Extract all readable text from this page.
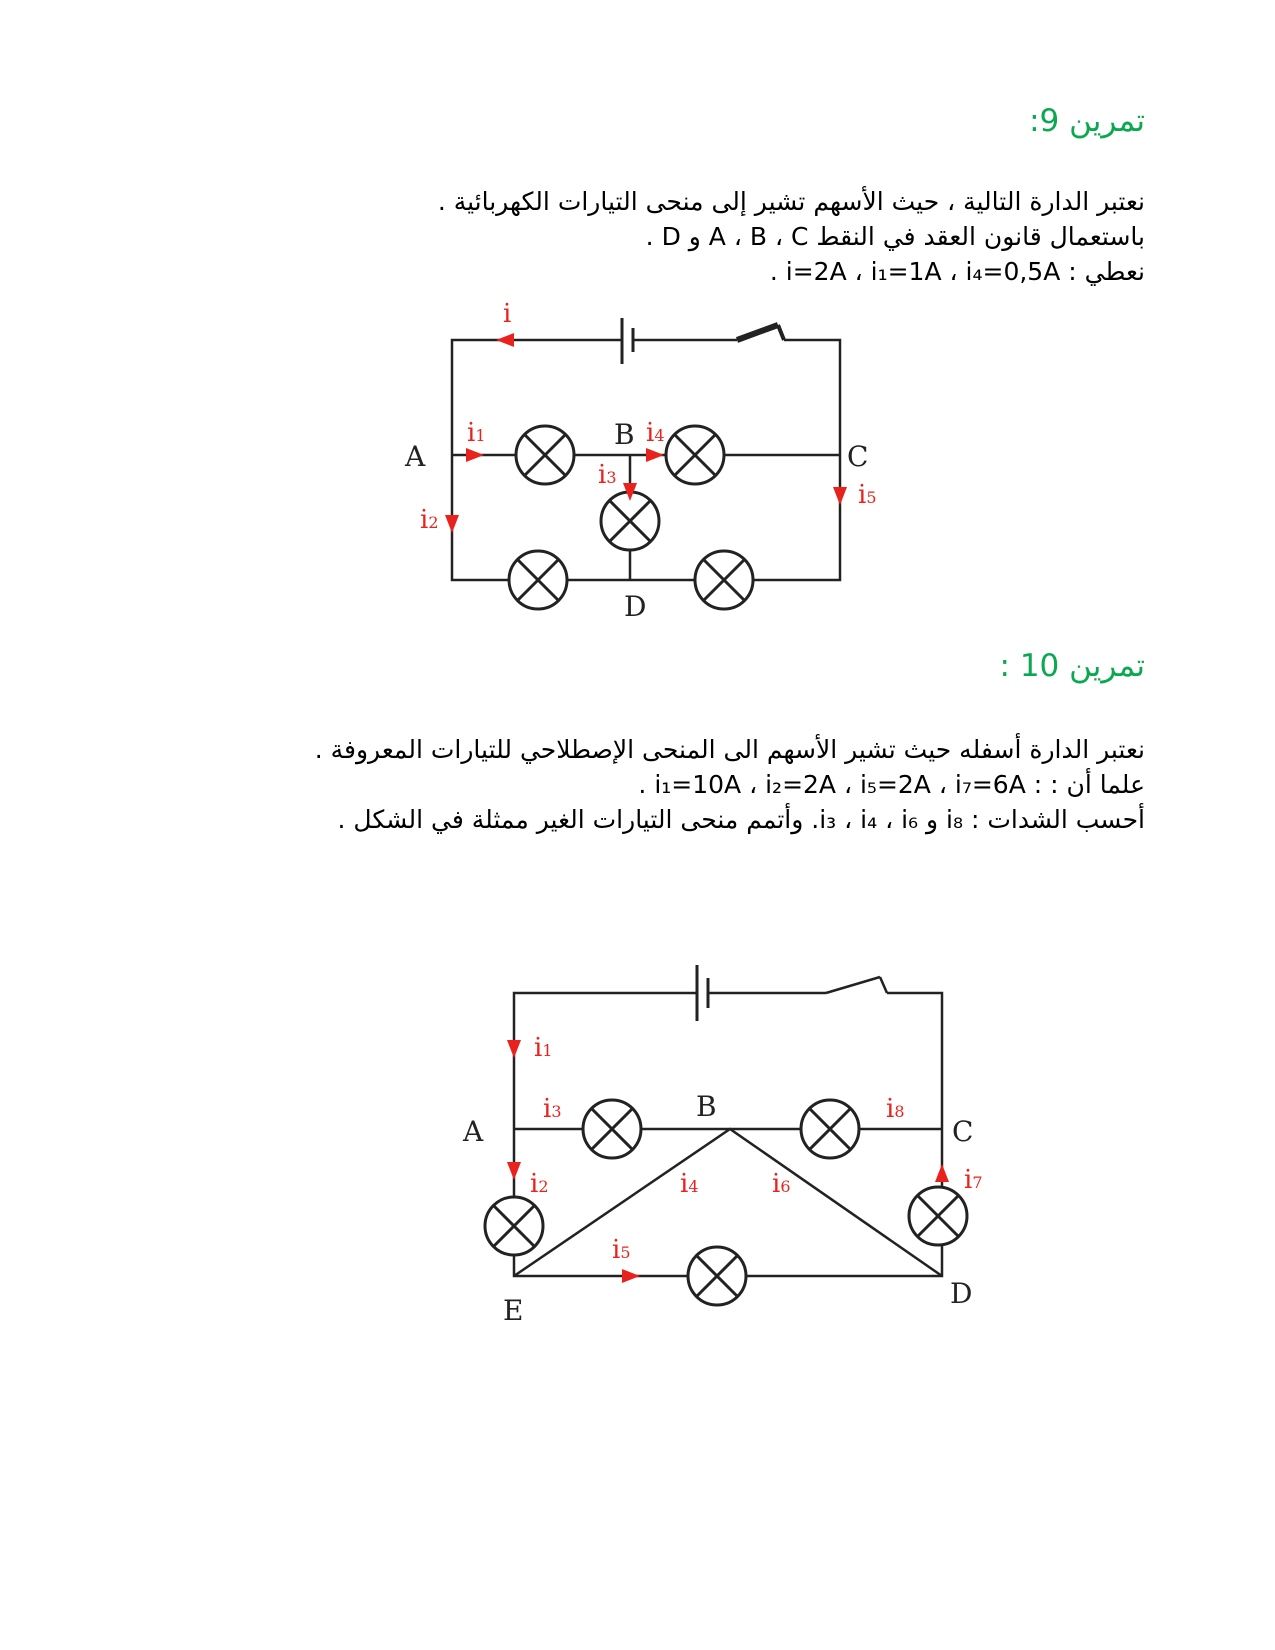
تمرين 9:
نعتبر الدارة التالية ، حيث الأسهم تشير إلى منحى التيارات الكهربائية .
باستعمال قانون العقد في النقط A ، B ، C و D .
نعطي : i=2A ، i₁=1A ، i₄=0,5A .
تمرين 10 :
نعتبر الدارة أسفله حيث تشير الأسهم الى المنحى الإصطلاحي للتيارات المعروفة .
علما أن : : i₁=10A ، i₂=2A ، i₅=2A ، i₇=6A .
أحسب الشدات : i₃ ، i₄ ، i₆ و i₈. وأتمم منحى التيارات الغير ممثلة في الشكل .
A
B
C
D
i
i1
i2
i3
i4
i5
A
B
C
D
E
i1
i3	i8
i2	i4	i6	i7
i5
